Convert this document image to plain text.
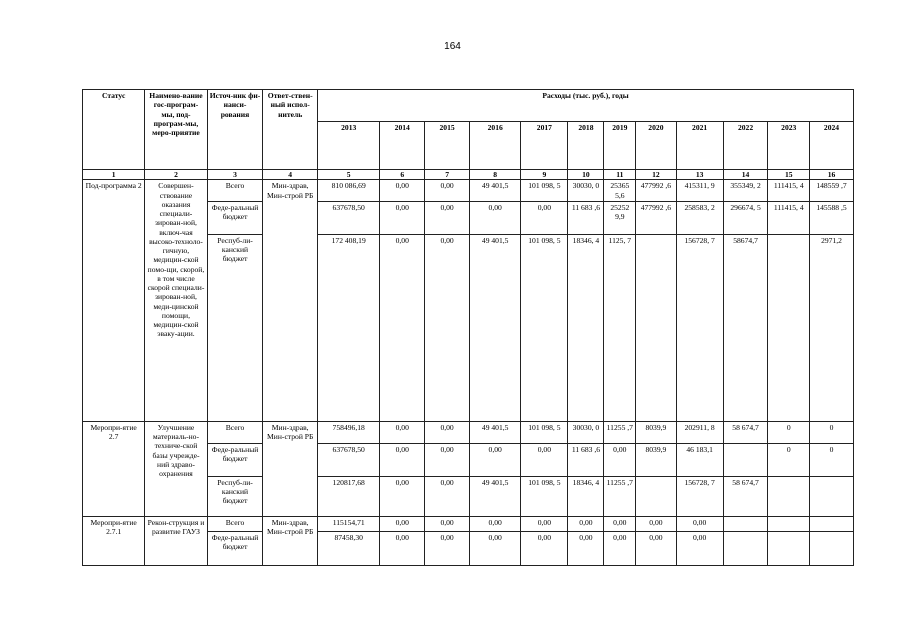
164
Статус	Наимено-вание гос-програм-мы, под-програм-мы, меро-приятие	Источ-ник фи-нанси-рования	Ответ-ствен-ный испол-нитель	Расходы (тыс. руб.), годы											
				2013	2014	2015	2016	2017	2018	2019	2020	2021	2022	2023	2024
1	2	3	4	5	6	7	8	9	10	11	12	13	14	15	16
Под-программа 2	Совершен-ствование оказания специали-зирован-ной, включ-чая высоко-техноло-гичную, медицин-ской помо-щи, скорой, в том числе скорой специали-зирован-ной, меди-цинской помощи, медицин-ской эваку-ации.	Всего	Мин-здрав, Мин-строй РБ	810 086,69	0,00	0,00	49 401,5	101 098, 5	30030, 0	25365 5,6	477992 ,6	415311, 9	355349, 2	111415, 4	148559 ,7
		Феде-ральный бюджет		637678,50	0,00	0,00	0,00	0,00	11 683 ,6	25252 9,9	477992 ,6	258583, 2	296674, 5	111415, 4	145588 ,5
		Респуб-ли-канский бюджет		172 408,19	0,00	0,00	49 401,5	101 098, 5	18346, 4	1125, 7		156728, 7	58674,7		2971,2
Меропри-ятие 2.7	Улучшение материаль-но-техниче-ской базы учрежде-ний здраво-охранения	Всего	Мин-здрав, Мин-строй РБ	758496,18	0,00	0,00	49 401,5	101 098, 5	30030, 0	11255 ,7	8039,9	202911, 8	58 674,7	0	0
		Феде-ральный бюджет		637678,50	0,00	0,00	0,00	0,00	11 683 ,6	0,00	8039,9	46 183,1		0	0
		Респуб-ли-канский бюджет		120817,68	0,00	0,00	49 401,5	101 098, 5	18346, 4	11255 ,7		156728, 7	58 674,7		
Меропри-ятие 2.7.1	Рекон-струкция и развитие ГАУЗ	Всего	Мин-здрав, Мин-строй РБ	115154,71	0,00	0,00	0,00	0,00	0,00	0,00	0,00	0,00			
		Феде-ральный бюджет		87458,30	0,00	0,00	0,00	0,00	0,00	0,00	0,00	0,00			
